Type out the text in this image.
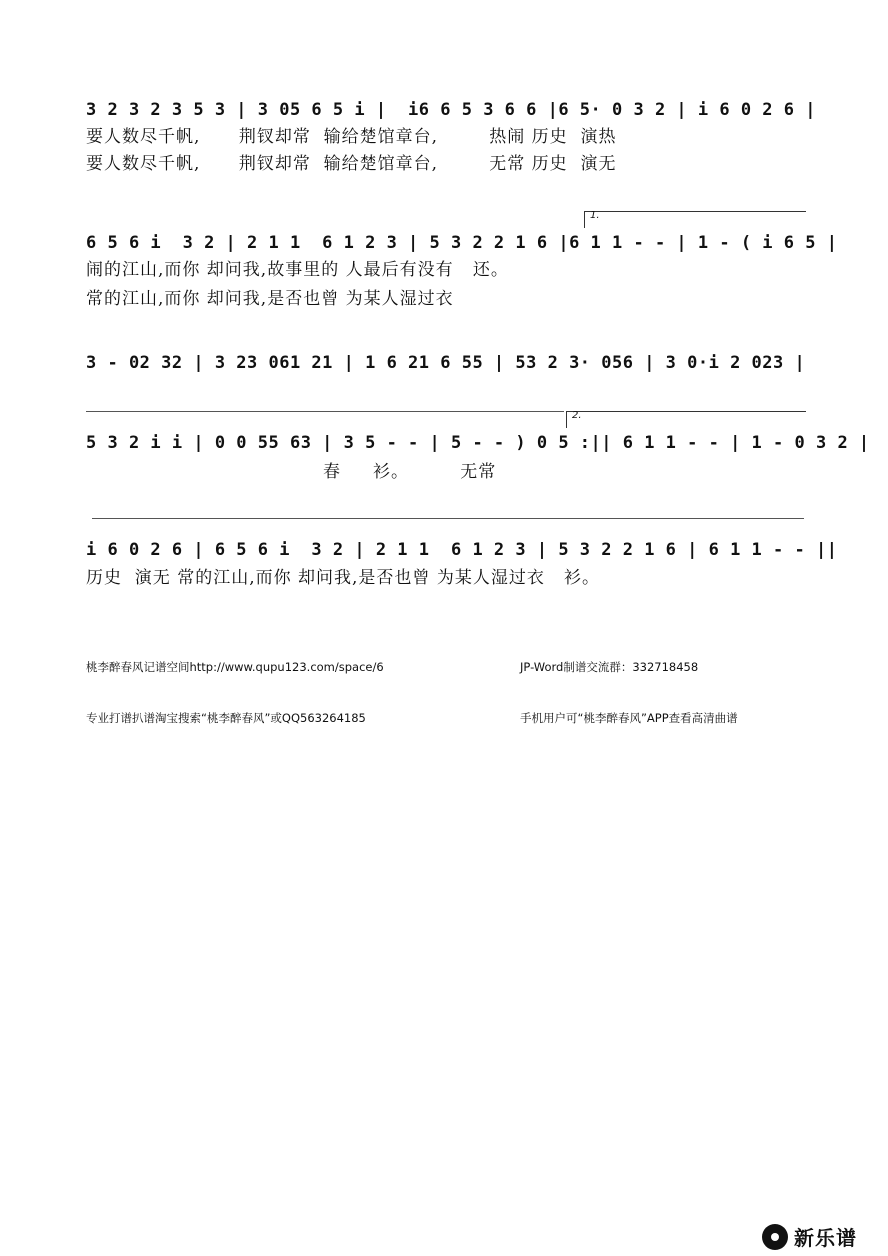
3 2 3 2 3 5 3 | 3 05 6 5 i |  i6 6 5 3 6 6 |6 5· 0 3 2 | i 6 0 2 6 |
要人数尽千帆,      荆钗却常  输给楚馆章台,        热闹 历史  演热
要人数尽千帆,      荆钗却常  输给楚馆章台,        无常 历史  演无
1.
6 5 6 i  3 2 | 2 1 1  6 1 2 3 | 5 3 2 2 1 6 |6 1 1 - - | 1 - ( i 6 5 |
闹的江山,而你 却问我,故事里的 人最后有没有   还。
常的江山,而你 却问我,是否也曾 为某人湿过衣
3 - 02 32 | 3 23 061 21 | 1 6 21 6 55 | 53 2 3· 056 | 3 0·i 2 023 |
2.
5 3 2 i i | 0 0 55 63 | 3 5 - - | 5 - - ) 0 5 :|| 6 1 1 - - | 1 - 0 3 2 |
春     衫。        无常
i 6 0 2 6 | 6 5 6 i  3 2 | 2 1 1  6 1 2 3 | 5 3 2 2 1 6 | 6 1 1 - - ||
历史  演无 常的江山,而你 却问我,是否也曾 为某人湿过衣   衫。

桃李醉春风记谱空间http://www.qupu123.com/space/6

专业打谱扒谱淘宝搜索“桃李醉春风”或QQ563264185

JP-Word制谱交流群：332718458

手机用户可“桃李醉春风”APP查看高清曲谱

新乐谱
